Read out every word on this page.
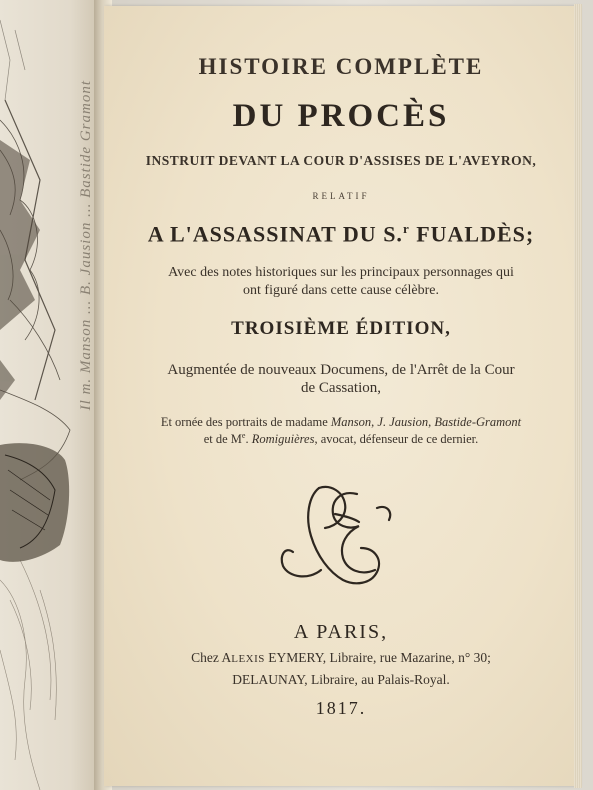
Il m. Manson ... B. Jausion ... Bastide Gramont
HISTOIRE COMPLÈTE
DU PROCÈS
INSTRUIT DEVANT LA COUR D'ASSISES DE L'AVEYRON,
RELATIF
A L'ASSASSINAT DU S.$^r$ FUALDÈS;
Avec des notes historiques sur les principaux personnages qui
ont figuré dans cette cause célèbre.
TROISIÈME ÉDITION,
Augmentée de nouveaux Documens, de l'Arrêt de la Cour
de Cassation,
Et ornée des portraits de madame Manson, J. Jausion, Bastide-Gramont
et de Me. Romiguières, avocat, défenseur de ce dernier.
A PARIS,
Chez ALEXIS EYMERY, Libraire, rue Mazarine, n° 30;
DELAUNAY, Libraire, au Palais-Royal.
1817.
